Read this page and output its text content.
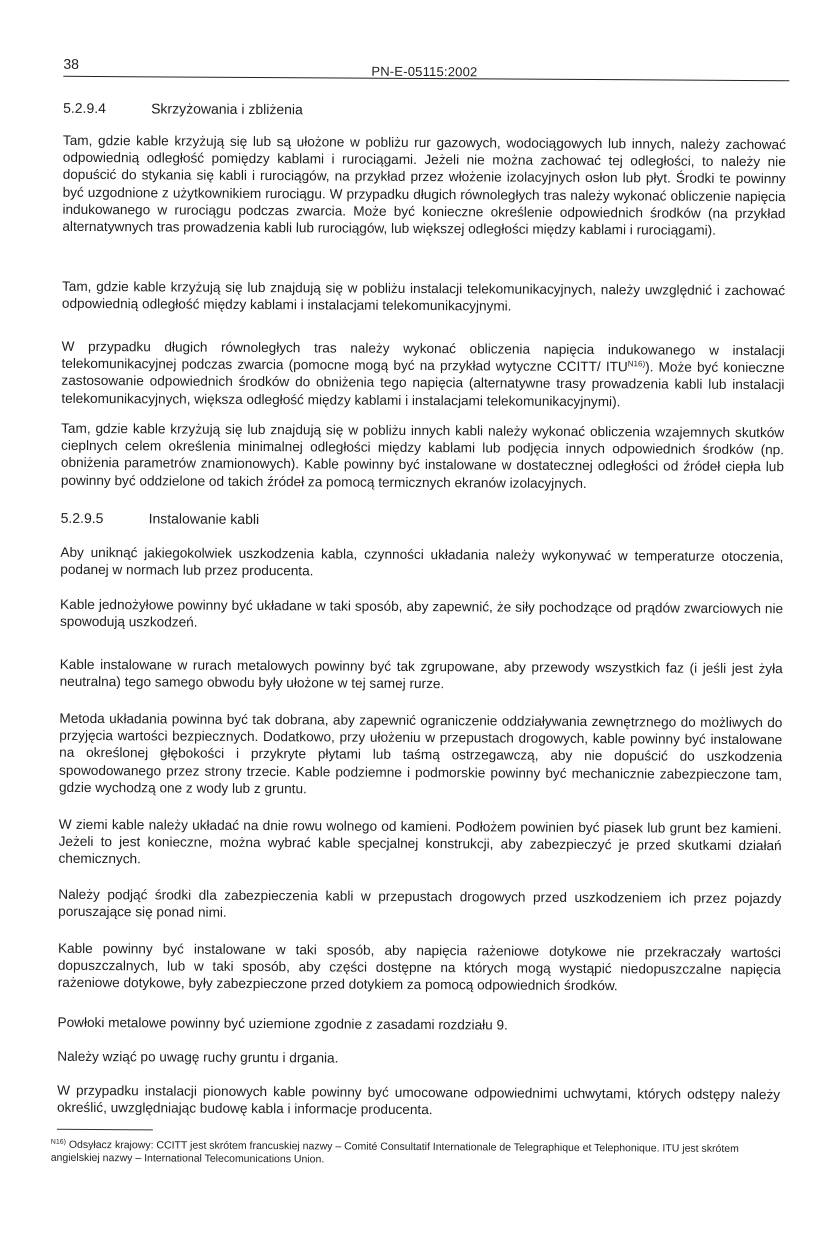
38	PN-E-05115:2002
5.2.9.4	Skrzyżowania i zbliżenia

Tam, gdzie kable krzyżują się lub są ułożone w pobliżu rur gazowych, wodociągowych lub innych, należy zachować odpowiednią odległość pomiędzy kablami i rurociągami. Jeżeli nie można zachować tej odległości, to należy nie dopuścić do stykania się kabli i rurociągów, na przykład przez włożenie izolacyjnych osłon lub płyt. Środki te powinny być uzgodnione z użytkownikiem rurociągu. W przypadku długich równoległych tras należy wykonać obliczenie napięcia indukowanego w rurociągu podczas zwarcia. Może być konieczne określenie odpowiednich środków (na przykład alternatywnych tras prowadzenia kabli lub rurociągów, lub większej odległości między kablami i rurociągami).

Tam, gdzie kable krzyżują się lub znajdują się w pobliżu instalacji telekomunikacyjnych, należy uwzględnić i zachować odpowiednią odległość między kablami i instalacjami telekomunikacyjnymi.

W przypadku długich równoległych tras należy wykonać obliczenia napięcia indukowanego w instalacji telekomunikacyjnej podczas zwarcia (pomocne mogą być na przykład wytyczne CCITT/ $ITU^{N16)}$). Może być konieczne zastosowanie odpowiednich środków do obniżenia tego napięcia (alternatywne trasy prowadzenia kabli lub instalacji telekomunikacyjnych, większa odległość między kablami i instalacjami telekomunikacyjnymi).

Tam, gdzie kable krzyżują się lub znajdują się w pobliżu innych kabli należy wykonać obliczenia wzajemnych skutków cieplnych celem określenia minimalnej odległości między kablami lub podjęcia innych odpowiednich środków (np. obniżenia parametrów znamionowych). Kable powinny być instalowane w dostatecznej odległości od źródeł ciepła lub powinny być oddzielone od takich źródeł za pomocą termicznych ekranów izolacyjnych.

5.2.9.5	Instalowanie kabli

Aby uniknąć jakiegokolwiek uszkodzenia kabla, czynności układania należy wykonywać w temperaturze otoczenia, podanej w normach lub przez producenta.

Kable jednożyłowe powinny być układane w taki sposób, aby zapewnić, że siły pochodzące od prądów zwarciowych nie spowodują uszkodzeń.

Kable instalowane w rurach metalowych powinny być tak zgrupowane, aby przewody wszystkich faz (i jeśli jest żyła neutralna) tego samego obwodu były ułożone w tej samej rurze.

Metoda układania powinna być tak dobrana, aby zapewnić ograniczenie oddziaływania zewnętrznego do możliwych do przyjęcia wartości bezpiecznych. Dodatkowo, przy ułożeniu w przepustach drogowych, kable powinny być instalowane na określonej głębokości i przykryte płytami lub taśmą ostrzegawczą, aby nie dopuścić do uszkodzenia spowodowanego przez strony trzecie. Kable podziemne i podmorskie powinny być mechanicznie zabezpieczone tam, gdzie wychodzą one z wody lub z gruntu.

W ziemi kable należy układać na dnie rowu wolnego od kamieni. Podłożem powinien być piasek lub grunt bez kamieni. Jeżeli to jest konieczne, można wybrać kable specjalnej konstrukcji, aby zabezpieczyć je przed skutkami działań chemicznych.

Należy podjąć środki dla zabezpieczenia kabli w przepustach drogowych przed uszkodzeniem ich przez pojazdy poruszające się ponad nimi.

Kable powinny być instalowane w taki sposób, aby napięcia rażeniowe dotykowe nie przekraczały wartości dopuszczalnych, lub w taki sposób, aby części dostępne na których mogą wystąpić niedopuszczalne napięcia rażeniowe dotykowe, były zabezpieczone przed dotykiem za pomocą odpowiednich środków.

Powłoki metalowe powinny być uziemione zgodnie z zasadami rozdziału 9.

Należy wziąć po uwagę ruchy gruntu i drgania.

W przypadku instalacji pionowych kable powinny być umocowane odpowiednimi uchwytami, których odstępy należy określić, uwzględniając budowę kabla i informacje producenta.

$^{N16)}$ Odsyłacz krajowy: CCITT jest skrótem francuskiej nazwy – Comité Consultatif Internationale de Telegraphique et Telephonique. ITU jest skrótem angielskiej nazwy – International Telecomunications Union.
